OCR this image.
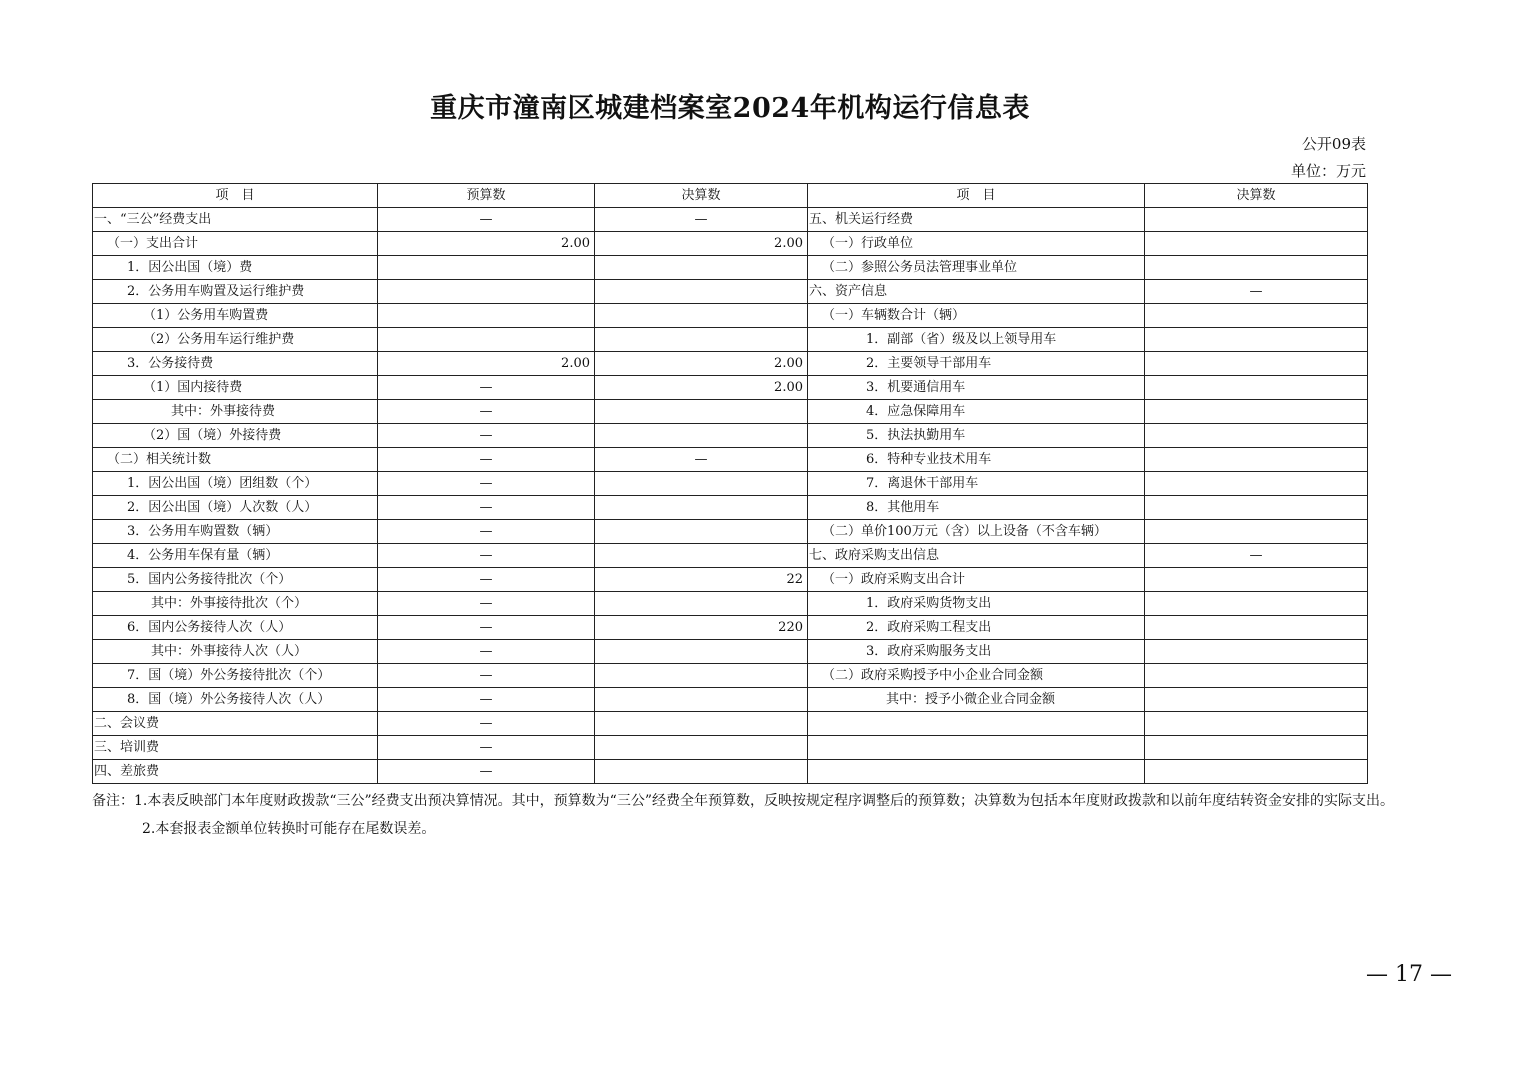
重庆市潼南区城建档案室2024年机构运行信息表
公开09表
单位：万元
项　目	预算数	决算数	项　目	决算数
一、“三公”经费支出	—	—	五、机关运行经费	
（一）支出合计	2.00	2.00	（一）行政单位	
1．因公出国（境）费			（二）参照公务员法管理事业单位	
2．公务用车购置及运行维护费			六、资产信息	—
（1）公务用车购置费			（一）车辆数合计（辆）	
（2）公务用车运行维护费			1．副部（省）级及以上领导用车	
3．公务接待费	2.00	2.00	2．主要领导干部用车	
（1）国内接待费	—	2.00	3．机要通信用车	
其中：外事接待费	—		4．应急保障用车	
（2）国（境）外接待费	—		5．执法执勤用车	
（二）相关统计数	—	—	6．特种专业技术用车	
1．因公出国（境）团组数（个）	—		7．离退休干部用车	
2．因公出国（境）人次数（人）	—		8．其他用车	
3．公务用车购置数（辆）	—		（二）单价100万元（含）以上设备（不含车辆）	
4．公务用车保有量（辆）	—		七、政府采购支出信息	—
5．国内公务接待批次（个）	—	22	（一）政府采购支出合计	
其中：外事接待批次（个）	—		1．政府采购货物支出	
6．国内公务接待人次（人）	—	220	2．政府采购工程支出	
其中：外事接待人次（人）	—		3．政府采购服务支出	
7．国（境）外公务接待批次（个）	—		（二）政府采购授予中小企业合同金额	
8．国（境）外公务接待人次（人）	—		其中：授予小微企业合同金额	
二、会议费	—			
三、培训费	—			
四、差旅费	—			

备注：1.本表反映部门本年度财政拨款“三公”经费支出预决算情况。其中，预算数为“三公”经费全年预算数，反映按规定程序调整后的预算数；决算数为包括本年度财政拨款和以前年度结转资金安排的实际支出。

2.本套报表金额单位转换时可能存在尾数误差。

— 17 —
